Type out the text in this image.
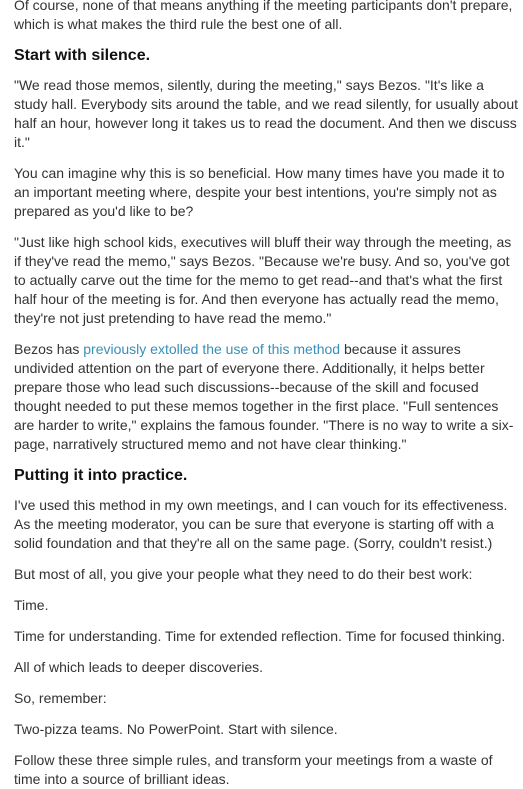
Of course, none of that means anything if the meeting participants don't prepare, which is what makes the third rule the best one of all.

Start with silence.

"We read those memos, silently, during the meeting," says Bezos. "It's like a study hall. Everybody sits around the table, and we read silently, for usually about half an hour, however long it takes us to read the document. And then we discuss it."

You can imagine why this is so beneficial. How many times have you made it to an important meeting where, despite your best intentions, you're simply not as prepared as you'd like to be?

"Just like high school kids, executives will bluff their way through the meeting, as if they've read the memo," says Bezos. "Because we're busy. And so, you've got to actually carve out the time for the memo to get read--and that's what the first half hour of the meeting is for. And then everyone has actually read the memo, they're not just pretending to have read the memo."

Bezos has previously extolled the use of this method because it assures undivided attention on the part of everyone there. Additionally, it helps better prepare those who lead such discussions--because of the skill and focused thought needed to put these memos together in the first place. "Full sentences are harder to write," explains the famous founder. "There is no way to write a six-page, narratively structured memo and not have clear thinking."

Putting it into practice.

I've used this method in my own meetings, and I can vouch for its effectiveness. As the meeting moderator, you can be sure that everyone is starting off with a solid foundation and that they're all on the same page. (Sorry, couldn't resist.)

But most of all, you give your people what they need to do their best work:

Time.

Time for understanding. Time for extended reflection. Time for focused thinking.

All of which leads to deeper discoveries.

So, remember:

Two-pizza teams. No PowerPoint. Start with silence.

Follow these three simple rules, and transform your meetings from a waste of time into a source of brilliant ideas.
